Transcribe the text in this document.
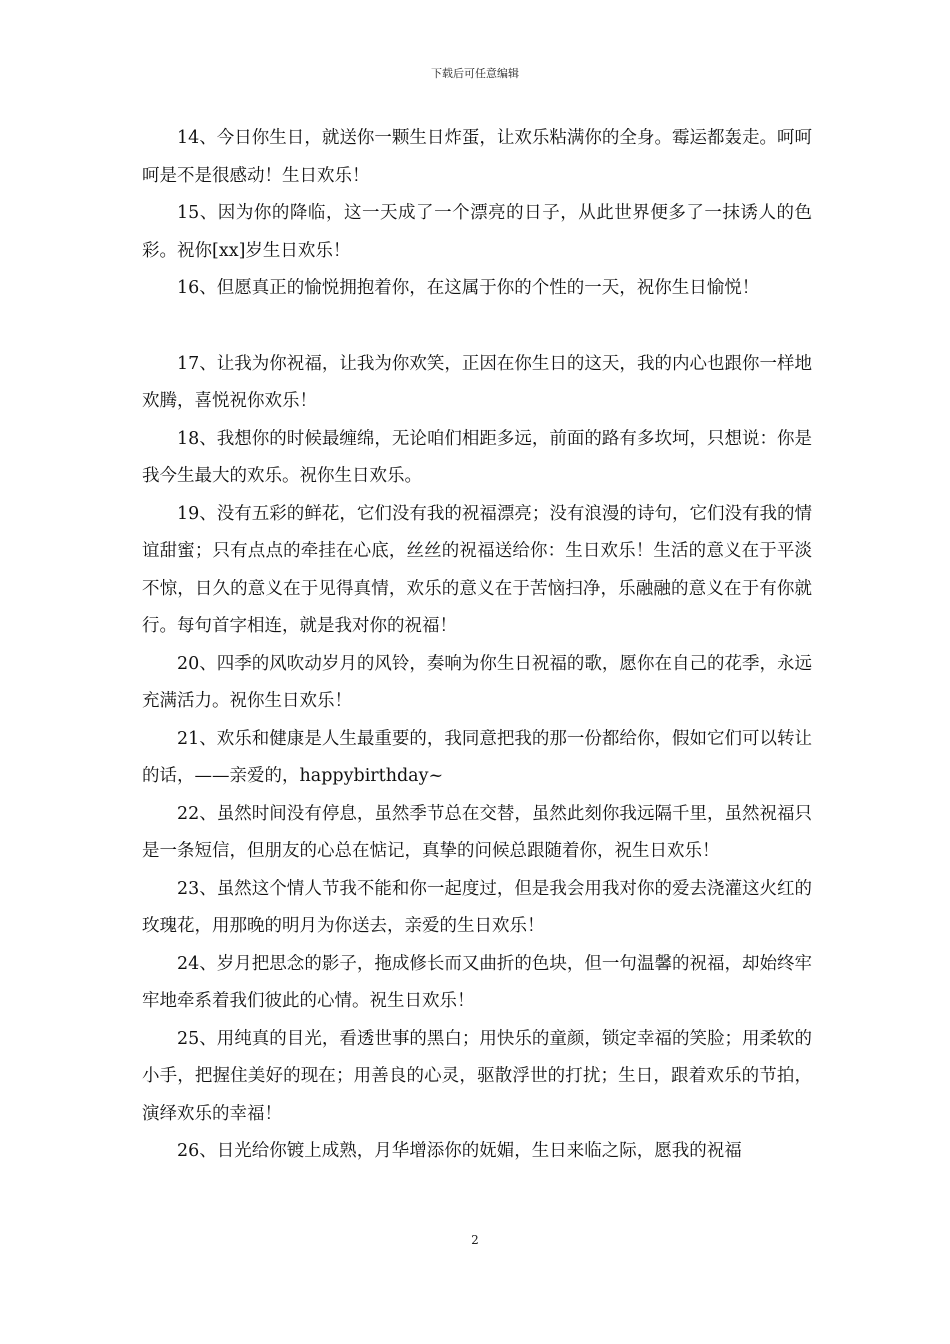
下载后可任意编辑

14、今日你生日，就送你一颗生日炸蛋，让欢乐粘满你的全身。霉运都轰走。呵呵呵是不是很感动！生日欢乐！

15、因为你的降临，这一天成了一个漂亮的日子，从此世界便多了一抹诱人的色彩。祝你[xx]岁生日欢乐！

16、但愿真正的愉悦拥抱着你，在这属于你的个性的一天，祝你生日愉悦！

17、让我为你祝福，让我为你欢笑，正因在你生日的这天，我的内心也跟你一样地欢腾，喜悦祝你欢乐！

18、我想你的时候最缠绵，无论咱们相距多远，前面的路有多坎坷，只想说：你是我今生最大的欢乐。祝你生日欢乐。

19、没有五彩的鲜花，它们没有我的祝福漂亮；没有浪漫的诗句，它们没有我的情谊甜蜜；只有点点的牵挂在心底，丝丝的祝福送给你：生日欢乐！生活的意义在于平淡不惊，日久的意义在于见得真情，欢乐的意义在于苦恼扫净，乐融融的意义在于有你就行。每句首字相连，就是我对你的祝福！

20、四季的风吹动岁月的风铃，奏响为你生日祝福的歌，愿你在自己的花季，永远充满活力。祝你生日欢乐！

21、欢乐和健康是人生最重要的，我同意把我的那一份都给你，假如它们可以转让的话，——亲爱的，happybirthday~

22、虽然时间没有停息，虽然季节总在交替，虽然此刻你我远隔千里，虽然祝福只是一条短信，但朋友的心总在惦记，真挚的问候总跟随着你，祝生日欢乐！

23、虽然这个情人节我不能和你一起度过，但是我会用我对你的爱去浇灌这火红的玫瑰花，用那晚的明月为你送去，亲爱的生日欢乐！

24、岁月把思念的影子，拖成修长而又曲折的色块，但一句温馨的祝福，却始终牢牢地牵系着我们彼此的心情。祝生日欢乐！

25、用纯真的目光，看透世事的黑白；用快乐的童颜，锁定幸福的笑脸；用柔软的小手，把握住美好的现在；用善良的心灵，驱散浮世的打扰；生日，跟着欢乐的节拍，演绎欢乐的幸福！

26、日光给你镀上成熟，月华增添你的妩媚，生日来临之际，愿我的祝福

2
